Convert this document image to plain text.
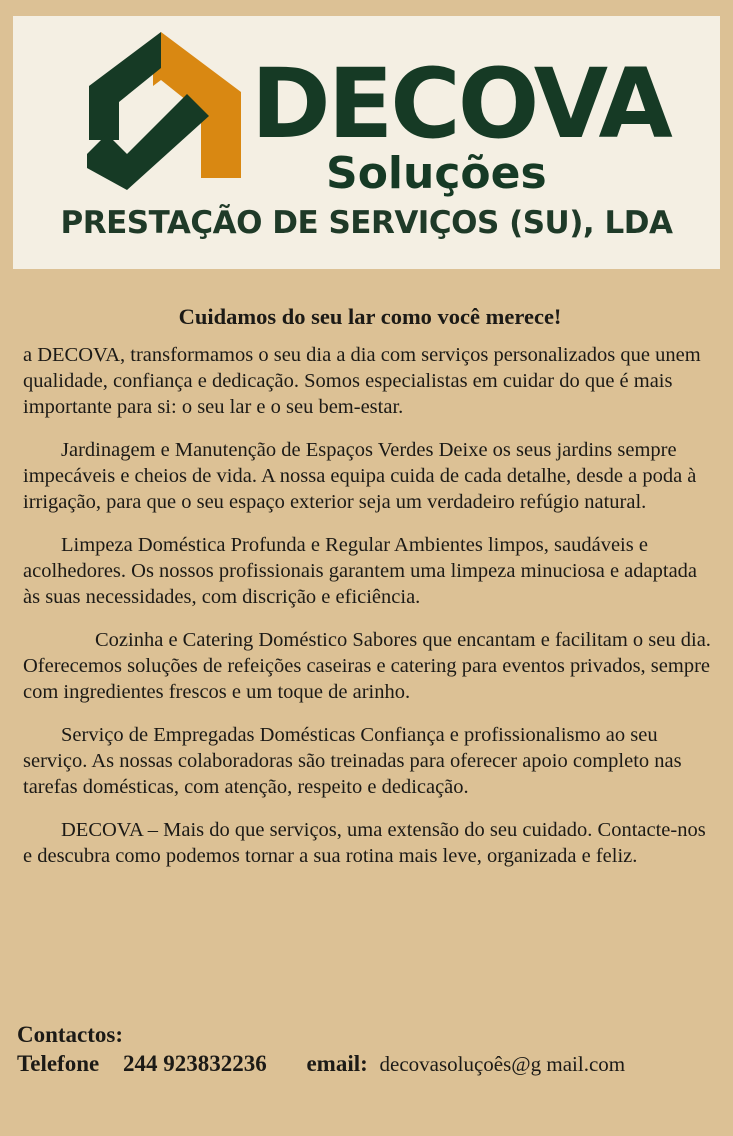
DECOVA
Soluções
PRESTAÇÃO DE SERVIÇOS (SU), LDA
Cuidamos do seu lar como você merece!

a DECOVA, transformamos o seu dia a dia com serviços personalizados que unem qualidade, confiança e dedicação. Somos especialistas em cuidar do que é mais importante para si: o seu lar e o seu bem-estar.

Jardinagem e Manutenção de Espaços Verdes Deixe os seus jardins sempre impecáveis e cheios de vida. A nossa equipa cuida de cada detalhe, desde a poda à irrigação, para que o seu espaço exterior seja um verdadeiro refúgio natural.

Limpeza Doméstica Profunda e Regular Ambientes limpos, saudáveis e acolhedores. Os nossos profissionais garantem uma limpeza minuciosa e adaptada às suas necessidades, com discrição e eficiência.

Cozinha e Catering Doméstico Sabores que encantam e facilitam o seu dia. Oferecemos soluções de refeições caseiras e catering para eventos privados, sempre com ingredientes frescos e um toque de arinho.

Serviço de Empregadas Domésticas Confiança e profissionalismo ao seu serviço. As nossas colaboradoras são treinadas para oferecer apoio completo nas tarefas domésticas, com atenção, respeito e dedicação.

DECOVA – Mais do que serviços, uma extensão do seu cuidado. Contacte-nos e descubra como podemos tornar a sua rotina mais leve, organizada e feliz.

Contactos:
Telefone 244 923832236 email: decovasoluçoês@g mail.com
